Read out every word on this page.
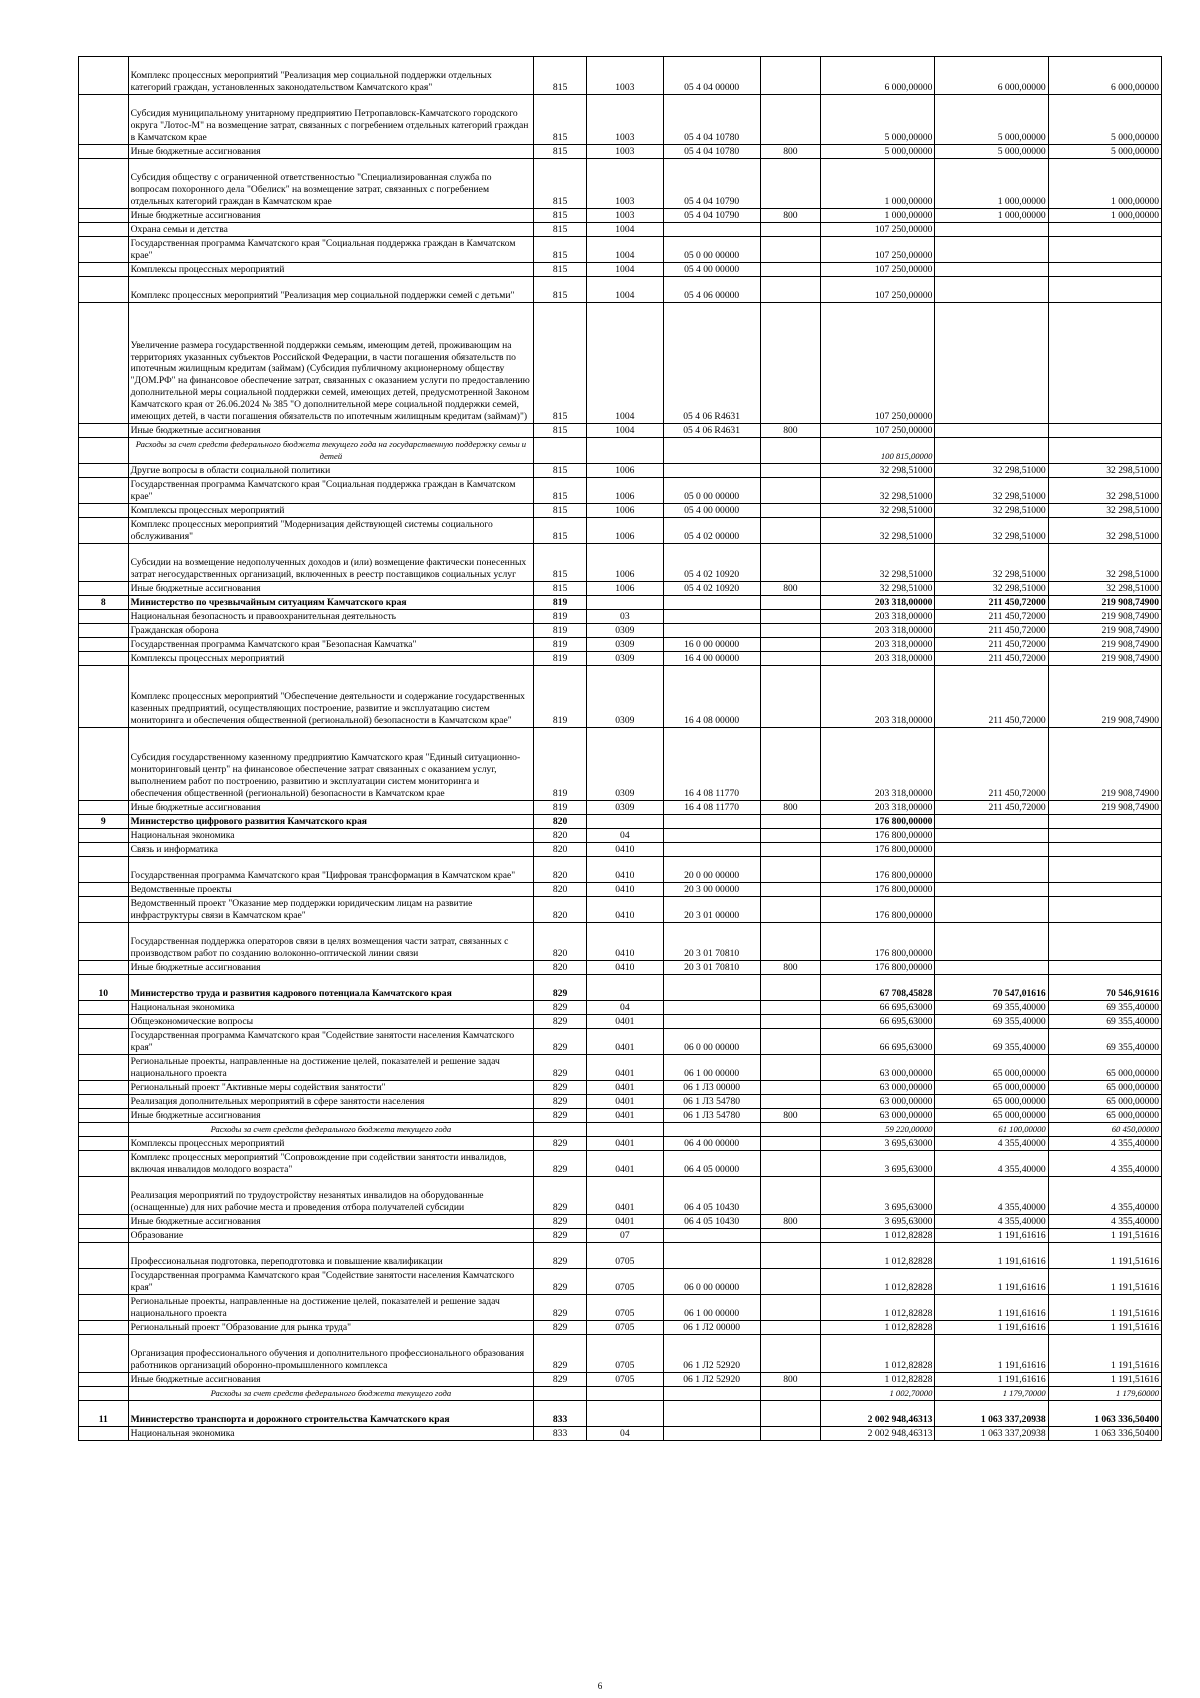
	Комплекс процессных мероприятий "Реализация мер социальной поддержки отдельных категорий граждан, установленных законодательством Камчатского края"	815	1003	05 4 04 00000		6 000,00000	6 000,00000	6 000,00000
	Субсидия муниципальному унитарному предприятию Петропавловск-Камчатского городского округа "Лотос-М" на возмещение затрат, связанных с погребением отдельных категорий граждан в Камчатском крае	815	1003	05 4 04 10780		5 000,00000	5 000,00000	5 000,00000
	Иные бюджетные ассигнования	815	1003	05 4 04 10780	800	5 000,00000	5 000,00000	5 000,00000
	Субсидия обществу с ограниченной ответственностью "Специализированная служба по вопросам похоронного дела "Обелиск" на возмещение затрат, связанных с погребением отдельных категорий граждан в Камчатском крае	815	1003	05 4 04 10790		1 000,00000	1 000,00000	1 000,00000
	Иные бюджетные ассигнования	815	1003	05 4 04 10790	800	1 000,00000	1 000,00000	1 000,00000
	Охрана семьи и детства	815	1004			107 250,00000		
	Государственная программа Камчатского края "Социальная поддержка граждан в Камчатском крае"	815	1004	05 0 00 00000		107 250,00000		
	Комплексы процессных мероприятий	815	1004	05 4 00 00000		107 250,00000		
	Комплекс процессных мероприятий "Реализация мер социальной поддержки семей с детьми"	815	1004	05 4 06 00000		107 250,00000		
	Увеличение размера государственной поддержки семьям, имеющим детей, проживающим на территориях указанных субъектов Российской Федерации, в части погашения обязательств по ипотечным жилищным кредитам (займам) (Субсидия публичному акционерному обществу "ДОМ.РФ" на финансовое обеспечение затрат, связанных с оказанием услуги по предоставлению дополнительной меры социальной поддержки семей, имеющих детей, предусмотренной Законом Камчатского края от 26.06.2024 № 385 "О дополнительной мере социальной поддержки семей, имеющих детей, в части погашения обязательств по ипотечным жилищным кредитам (займам)")	815	1004	05 4 06 R4631		107 250,00000		
	Иные бюджетные ассигнования	815	1004	05 4 06 R4631	800	107 250,00000		
	Расходы за счет средств федерального бюджета текущего года на государственную поддержку семьи и детей					100 815,00000		
	Другие вопросы в области социальной политики	815	1006			32 298,51000	32 298,51000	32 298,51000
	Государственная программа Камчатского края "Социальная поддержка граждан в Камчатском крае"	815	1006	05 0 00 00000		32 298,51000	32 298,51000	32 298,51000
	Комплексы процессных мероприятий	815	1006	05 4 00 00000		32 298,51000	32 298,51000	32 298,51000
	Комплекс процессных мероприятий "Модернизация действующей системы социального обслуживания"	815	1006	05 4 02 00000		32 298,51000	32 298,51000	32 298,51000
	Субсидии на возмещение недополученных доходов и (или) возмещение фактически понесенных затрат негосударственных организаций, включенных в реестр поставщиков социальных услуг	815	1006	05 4 02 10920		32 298,51000	32 298,51000	32 298,51000
	Иные бюджетные ассигнования	815	1006	05 4 02 10920	800	32 298,51000	32 298,51000	32 298,51000
8	Министерство по чрезвычайным ситуациям Камчатского края	819				203 318,00000	211 450,72000	219 908,74900
	Национальная безопасность и правоохранительная деятельность	819	03			203 318,00000	211 450,72000	219 908,74900
	Гражданская оборона	819	0309			203 318,00000	211 450,72000	219 908,74900
	Государственная программа Камчатского края "Безопасная Камчатка"	819	0309	16 0 00 00000		203 318,00000	211 450,72000	219 908,74900
	Комплексы процессных мероприятий	819	0309	16 4 00 00000		203 318,00000	211 450,72000	219 908,74900
	Комплекс процессных мероприятий "Обеспечение деятельности и содержание государственных казенных предприятий, осуществляющих построение, развитие и эксплуатацию систем мониторинга и обеспечения общественной (региональной) безопасности в Камчатском крае"	819	0309	16 4 08 00000		203 318,00000	211 450,72000	219 908,74900
	Субсидия государственному казенному предприятию Камчатского края "Единый ситуационно-мониторинговый центр" на финансовое обеспечение затрат связанных с оказанием услуг, выполнением работ по построению, развитию и эксплуатации систем мониторинга и обеспечения общественной (региональной) безопасности в Камчатском крае	819	0309	16 4 08 11770		203 318,00000	211 450,72000	219 908,74900
	Иные бюджетные ассигнования	819	0309	16 4 08 11770	800	203 318,00000	211 450,72000	219 908,74900
9	Министерство цифрового развития Камчатского края	820				176 800,00000		
	Национальная экономика	820	04			176 800,00000		
	Связь и информатика	820	0410			176 800,00000		
	Государственная программа Камчатского края "Цифровая трансформация в Камчатском крае"	820	0410	20 0 00 00000		176 800,00000		
	Ведомственные проекты	820	0410	20 3 00 00000		176 800,00000		
	Ведомственный проект "Оказание мер поддержки юридическим лицам на развитие инфраструктуры связи в Камчатском крае"	820	0410	20 3 01 00000		176 800,00000		
	Государственная поддержка операторов связи в целях возмещения части затрат, связанных с производством работ по созданию волоконно-оптической линии связи	820	0410	20 3 01 70810		176 800,00000		
	Иные бюджетные ассигнования	820	0410	20 3 01 70810	800	176 800,00000		
10	Министерство труда и развития кадрового потенциала Камчатского края	829				67 708,45828	70 547,01616	70 546,91616
	Национальная экономика	829	04			66 695,63000	69 355,40000	69 355,40000
	Общеэкономические вопросы	829	0401			66 695,63000	69 355,40000	69 355,40000
	Государственная программа Камчатского края "Содействие занятости населения Камчатского края"	829	0401	06 0 00 00000		66 695,63000	69 355,40000	69 355,40000
	Региональные проекты, направленные на достижение целей, показателей и решение задач национального проекта	829	0401	06 1 00 00000		63 000,00000	65 000,00000	65 000,00000
	Региональный проект "Активные меры содействия занятости"	829	0401	06 1 Л3 00000		63 000,00000	65 000,00000	65 000,00000
	Реализация дополнительных мероприятий в сфере занятости населения	829	0401	06 1 Л3 54780		63 000,00000	65 000,00000	65 000,00000
	Иные бюджетные ассигнования	829	0401	06 1 Л3 54780	800	63 000,00000	65 000,00000	65 000,00000
	Расходы за счет средств федерального бюджета текущего года					59 220,00000	61 100,00000	60 450,00000
	Комплексы процессных мероприятий	829	0401	06 4 00 00000		3 695,63000	4 355,40000	4 355,40000
	Комплекс процессных мероприятий "Сопровождение при содействии занятости инвалидов, включая инвалидов молодого возраста"	829	0401	06 4 05 00000		3 695,63000	4 355,40000	4 355,40000
	Реализация мероприятий по трудоустройству незанятых инвалидов на оборудованные (оснащенные) для них рабочие места и проведения отбора получателей субсидии	829	0401	06 4 05 10430		3 695,63000	4 355,40000	4 355,40000
	Иные бюджетные ассигнования	829	0401	06 4 05 10430	800	3 695,63000	4 355,40000	4 355,40000
	Образование	829	07			1 012,82828	1 191,61616	1 191,51616
	Профессиональная подготовка, переподготовка и повышение квалификации	829	0705			1 012,82828	1 191,61616	1 191,51616
	Государственная программа Камчатского края "Содействие занятости населения Камчатского края"	829	0705	06 0 00 00000		1 012,82828	1 191,61616	1 191,51616
	Региональные проекты, направленные на достижение целей, показателей и решение задач национального проекта	829	0705	06 1 00 00000		1 012,82828	1 191,61616	1 191,51616
	Региональный проект "Образование для рынка труда"	829	0705	06 1 Л2 00000		1 012,82828	1 191,61616	1 191,51616
	Организация профессионального обучения и дополнительного профессионального образования работников организаций оборонно-промышленного комплекса	829	0705	06 1 Л2 52920		1 012,82828	1 191,61616	1 191,51616
	Иные бюджетные ассигнования	829	0705	06 1 Л2 52920	800	1 012,82828	1 191,61616	1 191,51616
	Расходы за счет средств федерального бюджета текущего года					1 002,70000	1 179,70000	1 179,60000
11	Министерство транспорта и дорожного строительства Камчатского края	833				2 002 948,46313	1 063 337,20938	1 063 336,50400
	Национальная экономика	833	04			2 002 948,46313	1 063 337,20938	1 063 336,50400
6
